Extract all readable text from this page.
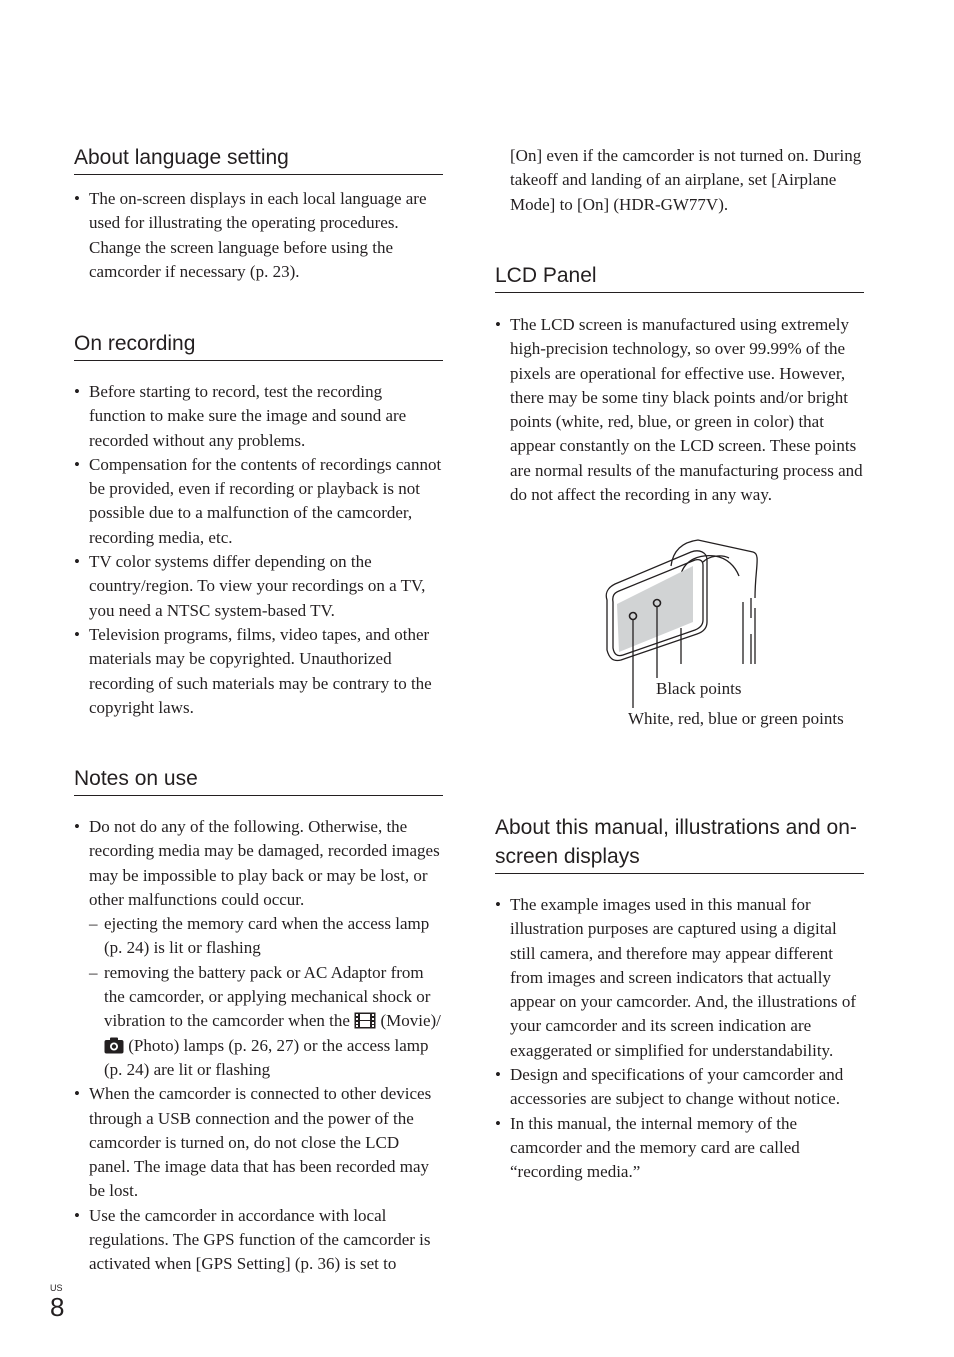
About language setting
• The on-screen displays in each local language are used for illustrating the operating procedures. Change the screen language before using the camcorder if necessary (p. 23).
On recording
• Before starting to record, test the recording function to make sure the image and sound are recorded without any problems.
• Compensation for the contents of recordings cannot be provided, even if recording or playback is not possible due to a malfunction of the camcorder, recording media, etc.
• TV color systems differ depending on the country/region. To view your recordings on a TV, you need a NTSC system-based TV.
• Television programs, films, video tapes, and other materials may be copyrighted. Unauthorized recording of such materials may be contrary to the copyright laws.
Notes on use
• Do not do any of the following. Otherwise, the recording media may be damaged, recorded images may be impossible to play back or may be lost, or other malfunctions could occur.
– ejecting the memory card when the access lamp (p. 24) is lit or flashing
– removing the battery pack or AC Adaptor from the camcorder, or applying mechanical shock or vibration to the camcorder when the (Movie)/  (Photo) lamps (p. 26, 27) or the access lamp (p. 24) are lit or flashing
• When the camcorder is connected to other devices through a USB connection and the power of the camcorder is turned on, do not close the LCD panel. The image data that has been recorded may be lost.
• Use the camcorder in accordance with local regulations. The GPS function of the camcorder is activated when [GPS Setting] (p. 36) is set to
[On] even if the camcorder is not turned on. During takeoff and landing of an airplane, set [Airplane Mode] to [On] (HDR-GW77V).
LCD Panel
• The LCD screen is manufactured using extremely high-precision technology, so over 99.99% of the pixels are operational for effective use. However, there may be some tiny black points and/or bright points (white, red, blue, or green in color) that appear constantly on the LCD screen. These points are normal results of the manufacturing process and do not affect the recording in any way.
Black points
White, red, blue or green points
About this manual, illustrations and on-screen displays
• The example images used in this manual for illustration purposes are captured using a digital still camera, and therefore may appear different from images and screen indicators that actually appear on your camcorder. And, the illustrations of your camcorder and its screen indication are exaggerated or simplified for understandability.
• Design and specifications of your camcorder and accessories are subject to change without notice.
• In this manual, the internal memory of the camcorder and the memory card are called “recording media.”
US
8
